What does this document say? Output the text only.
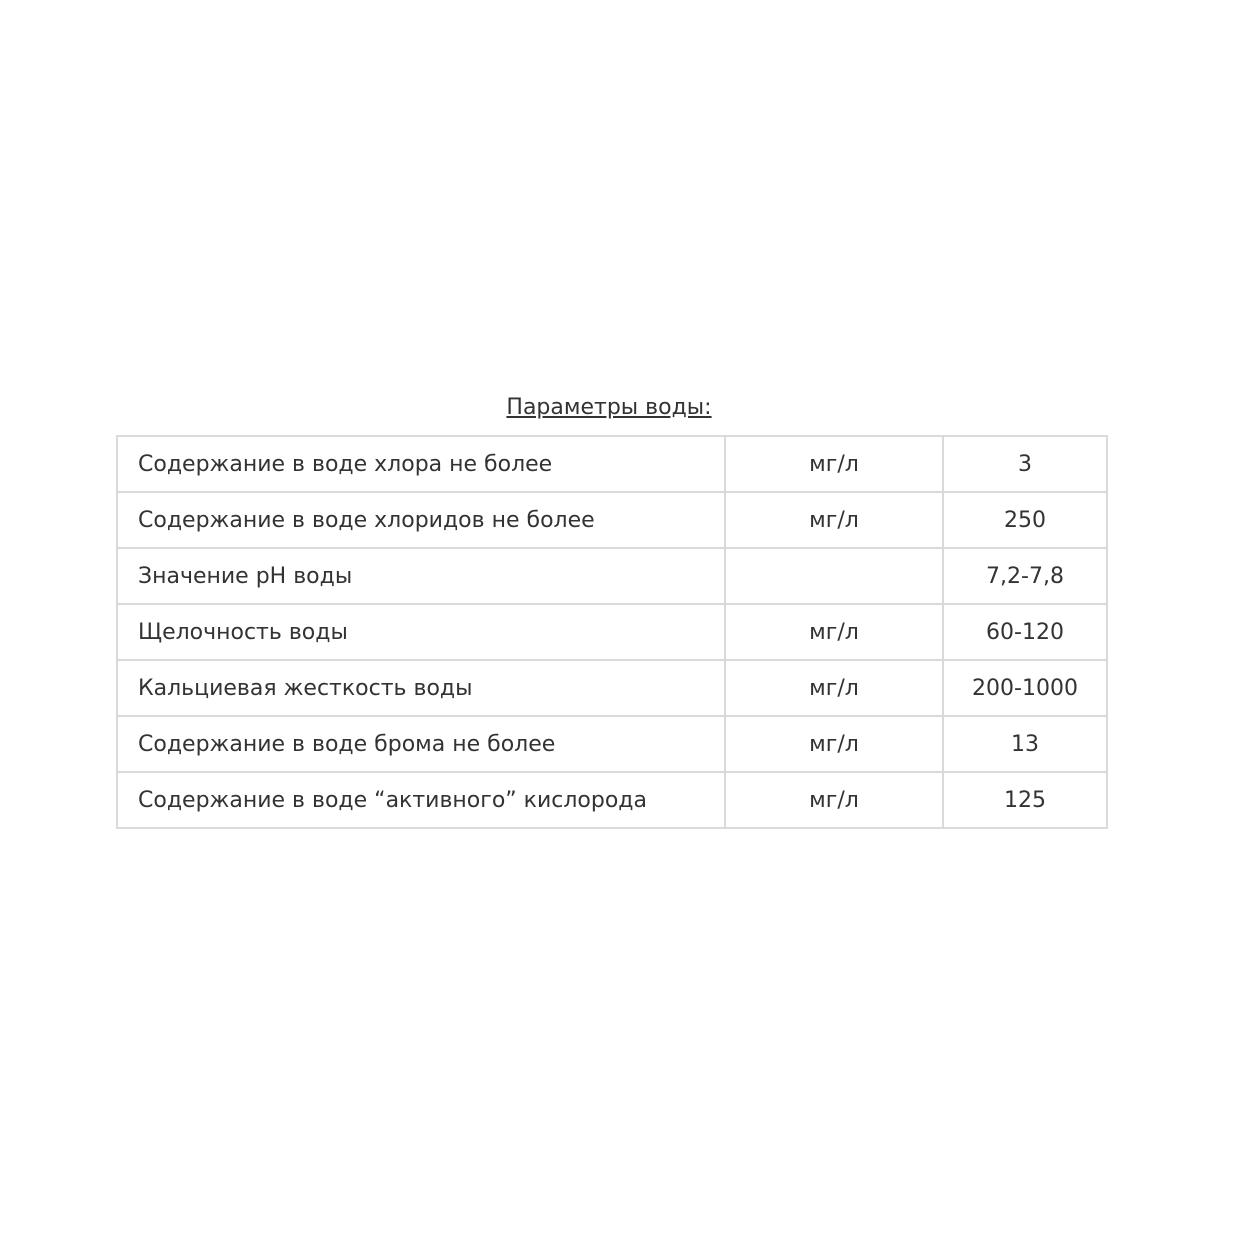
Параметры воды:
Содержание в воде хлора не более	мг/л	3
Содержание в воде хлоридов не более	мг/л	250
Значение pH воды		7,2-7,8
Щелочность воды	мг/л	60-120
Кальциевая жесткость воды	мг/л	200-1000
Содержание в воде брома не более	мг/л	13
Содержание в воде “активного” кислорода	мг/л	125
